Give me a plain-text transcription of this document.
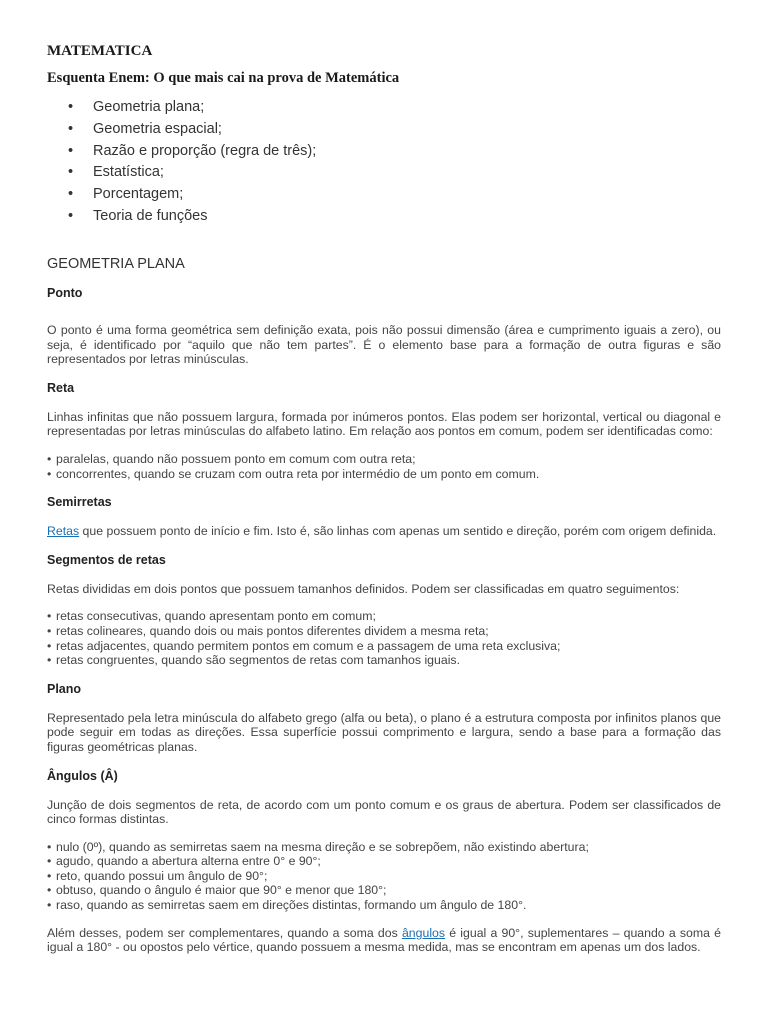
MATEMATICA
Esquenta Enem: O que mais cai na prova de Matemática
• Geometria plana;
• Geometria espacial;
• Razão e proporção (regra de três);
• Estatística;
• Porcentagem;
• Teoria de funções
GEOMETRIA PLANA
Ponto

O ponto é uma forma geométrica sem definição exata, pois não possui dimensão (área e cumprimento iguais a zero), ou seja, é identificado por “aquilo que não tem partes”. É o elemento base para a formação de outra figuras e são representados por letras minúsculas.

Reta

Linhas infinitas que não possuem largura, formada por inúmeros pontos. Elas podem ser horizontal, vertical ou diagonal e representadas por letras minúsculas do alfabeto latino. Em relação aos pontos em comum, podem ser identificadas como:

• paralelas, quando não possuem ponto em comum com outra reta;
• concorrentes, quando se cruzam com outra reta por intermédio de um ponto em comum.
Semirretas

Retas que possuem ponto de início e fim. Isto é, são linhas com apenas um sentido e direção, porém com origem definida.

Segmentos de retas

Retas divididas em dois pontos que possuem tamanhos definidos. Podem ser classificadas em quatro seguimentos:

• retas consecutivas, quando apresentam ponto em comum;
• retas colineares, quando dois ou mais pontos diferentes dividem a mesma reta;
• retas adjacentes, quando permitem pontos em comum e a passagem de uma reta exclusiva;
• retas congruentes, quando são segmentos de retas com tamanhos iguais.
Plano

Representado pela letra minúscula do alfabeto grego (alfa ou beta), o plano é a estrutura composta por infinitos planos que pode seguir em todas as direções. Essa superfície possui comprimento e largura, sendo a base para a formação das figuras geométricas planas.

Ângulos (Â)

Junção de dois segmentos de reta, de acordo com um ponto comum e os graus de abertura. Podem ser classificados de cinco formas distintas.

• nulo (0º), quando as semirretas saem na mesma direção e se sobrepõem, não existindo abertura;
• agudo, quando a abertura alterna entre 0° e 90°;
• reto, quando possui um ângulo de 90°;
• obtuso, quando o ângulo é maior que 90° e menor que 180°;
• raso, quando as semirretas saem em direções distintas, formando um ângulo de 180°.

Além desses, podem ser complementares, quando a soma dos ângulos é igual a 90°, suplementares – quando a soma é igual a 180° - ou opostos pelo vértice, quando possuem a mesma medida, mas se encontram em apenas um dos lados.
